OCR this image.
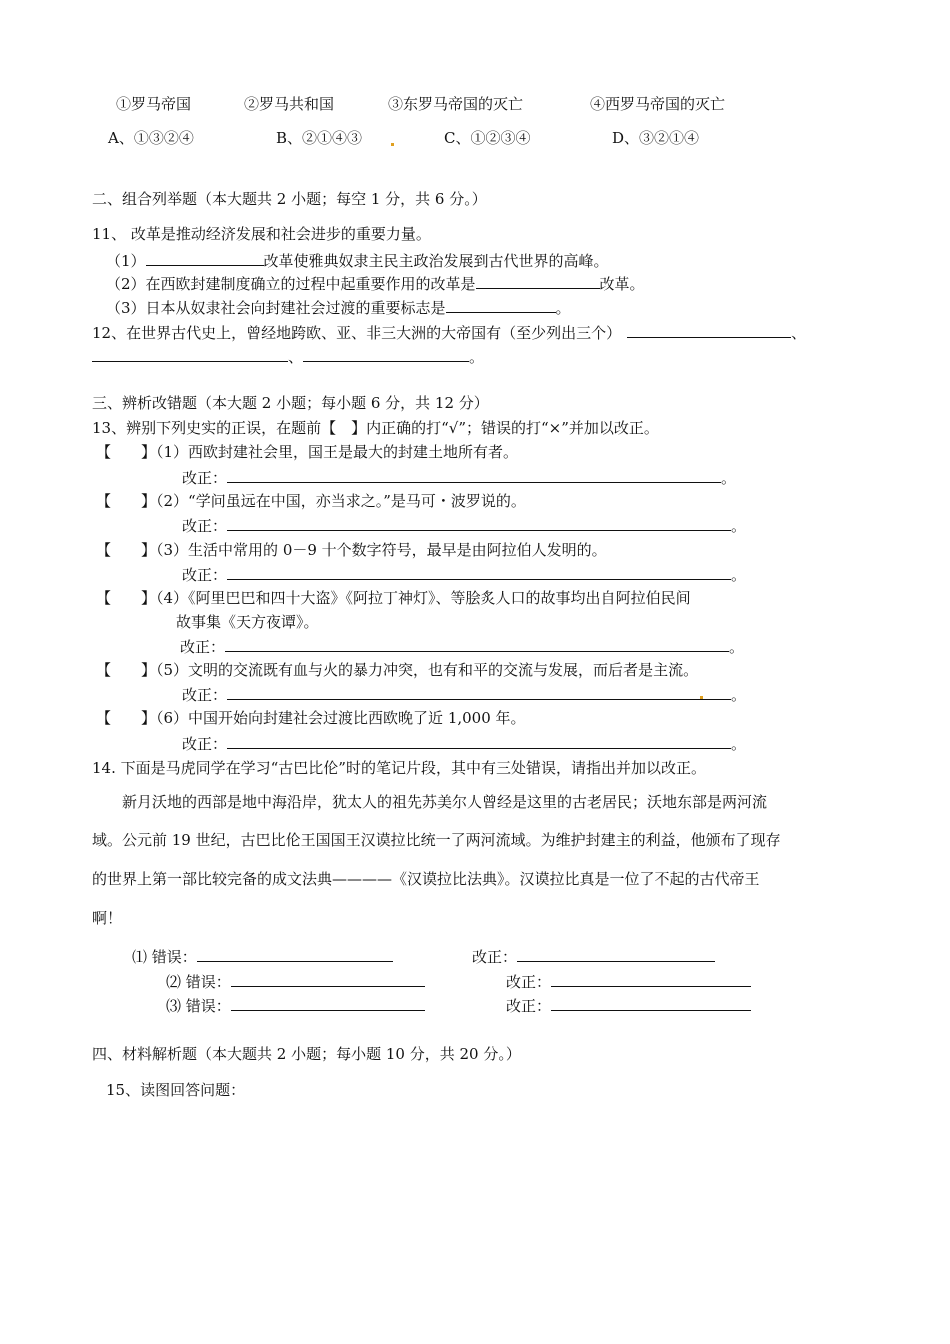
①罗马帝国	②罗马共和国	③东罗马帝国的灭亡	④西罗马帝国的灭亡
A、①③②④	B、②①④③	C、①②③④	D、③②①④
二、组合列举题（本大题共 2 小题；每空 1 分，共 6 分。）
11、 改革是推动经济发展和社会进步的重要力量。
（1）	改革使雅典奴隶主民主政治发展到古代世界的高峰。
（2）在西欧封建制度确立的过程中起重要作用的改革是	改革。
（3）日本从奴隶社会向封建社会过渡的重要标志是	。
12、在世界古代史上，曾经地跨欧、亚、非三大洲的大帝国有（至少列出三个）	、
、	。
三、辨析改错题（本大题 2 小题；每小题 6 分，共 12 分）
13、辨别下列史实的正误，在题前【　】内正确的打“√”；错误的打“×”并加以改正。
【　　】（1）西欧封建社会里，国王是最大的封建土地所有者。
改正：	。
【　　】（2）“学问虽远在中国，亦当求之。”是马可・波罗说的。
改正：	。
【　　】（3）生活中常用的 0－9 十个数字符号，最早是由阿拉伯人发明的。
改正：	。
【　　】（4）《阿里巴巴和四十大盗》《阿拉丁神灯》、等脍炙人口的故事均出自阿拉伯民间
故事集《天方夜谭》。
改正：	。
【　　】（5）文明的交流既有血与火的暴力冲突，也有和平的交流与发展，而后者是主流。
改正：	。
【　　】（6）中国开始向封建社会过渡比西欧晚了近 1,000 年。
改正：	。
14. 下面是马虎同学在学习“古巴比伦”时的笔记片段，其中有三处错误，请指出并加以改正。
新月沃地的西部是地中海沿岸，犹太人的祖先苏美尔人曾经是这里的古老居民；沃地东部是两河流
域。公元前 19 世纪，古巴比伦王国国王汉谟拉比统一了两河流域。为维护封建主的利益，他颁布了现存
的世界上第一部比较完备的成文法典————《汉谟拉比法典》。汉谟拉比真是一位了不起的古代帝王
啊！
⑴ 错误：	改正：
⑵ 错误：	改正：
⑶ 错误：	改正：
四、材料解析题（本大题共 2 小题；每小题 10 分，共 20 分。）
15、读图回答问题：
